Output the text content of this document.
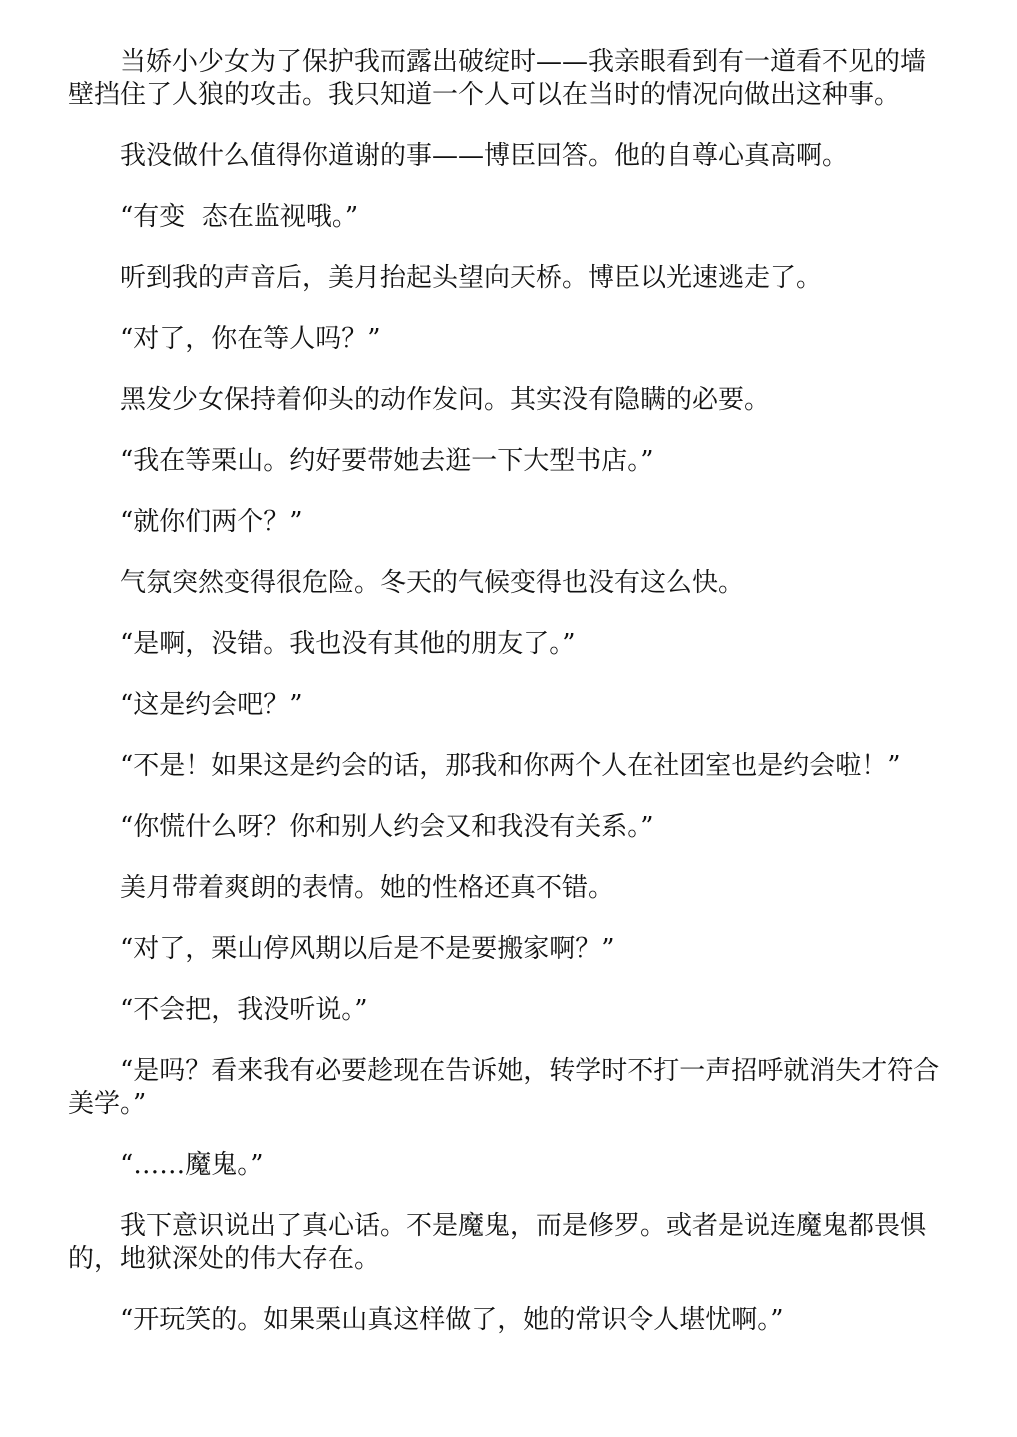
当娇小少女为了保护我而露出破绽时——我亲眼看到有一道看不见的墙壁挡住了人狼的攻击。我只知道一个人可以在当时的情况向做出这种事。

我没做什么值得你道谢的事——博臣回答。他的自尊心真高啊。

“有变  态在监视哦。”

听到我的声音后，美月抬起头望向天桥。博臣以光速逃走了。

“对了，你在等人吗？”

黑发少女保持着仰头的动作发问。其实没有隐瞒的必要。

“我在等栗山。约好要带她去逛一下大型书店。”

“就你们两个？”

气氛突然变得很危险。冬天的气候变得也没有这么快。

“是啊，没错。我也没有其他的朋友了。”

“这是约会吧？”

“不是！如果这是约会的话，那我和你两个人在社团室也是约会啦！”

“你慌什么呀？你和别人约会又和我没有关系。”

美月带着爽朗的表情。她的性格还真不错。

“对了，栗山停风期以后是不是要搬家啊？”

“不会把，我没听说。”

“是吗？看来我有必要趁现在告诉她，转学时不打一声招呼就消失才符合美学。”

“……魔鬼。”

我下意识说出了真心话。不是魔鬼，而是修罗。或者是说连魔鬼都畏惧的，地狱深处的伟大存在。

“开玩笑的。如果栗山真这样做了，她的常识令人堪忧啊。”
